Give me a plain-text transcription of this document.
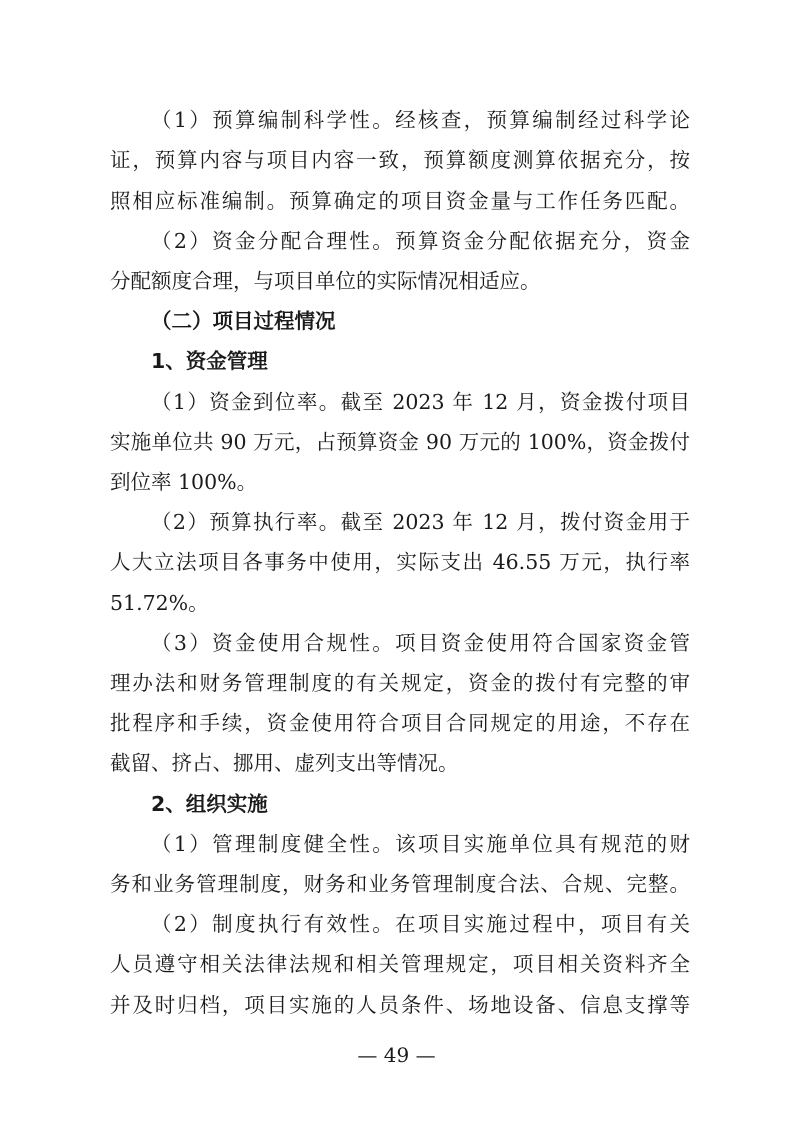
（1）预算编制科学性。经核查，预算编制经过科学论
证，预算内容与项目内容一致，预算额度测算依据充分，按
照相应标准编制。预算确定的项目资金量与工作任务匹配。
（2）资金分配合理性。预算资金分配依据充分，资金
分配额度合理，与项目单位的实际情况相适应。
（二）项目过程情况
1、资金管理
（1）资金到位率。截至 2023 年 12 月，资金拨付项目
实施单位共 90 万元，占预算资金 90 万元的 100%，资金拨付
到位率 100%。
（2）预算执行率。截至 2023 年 12 月，拨付资金用于
人大立法项目各事务中使用，实际支出 46.55 万元，执行率
51.72%。
（3）资金使用合规性。项目资金使用符合国家资金管
理办法和财务管理制度的有关规定，资金的拨付有完整的审
批程序和手续，资金使用符合项目合同规定的用途，不存在
截留、挤占、挪用、虚列支出等情况。
2、组织实施
（1）管理制度健全性。该项目实施单位具有规范的财
务和业务管理制度，财务和业务管理制度合法、合规、完整。
（2）制度执行有效性。在项目实施过程中，项目有关
人员遵守相关法律法规和相关管理规定，项目相关资料齐全
并及时归档，项目实施的人员条件、场地设备、信息支撑等
— 49 —
